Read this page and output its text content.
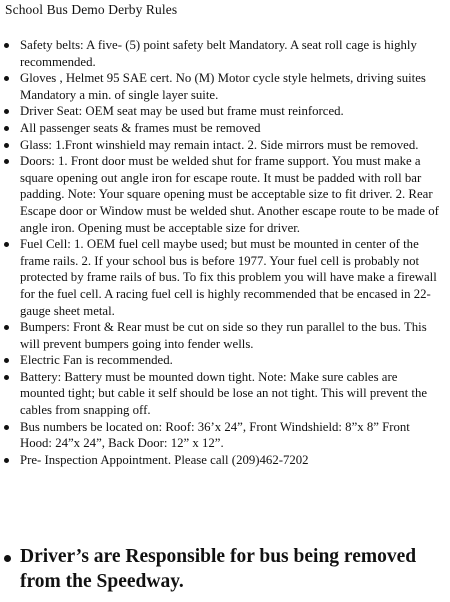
School Bus Demo Derby Rules
Safety belts: A five- (5) point safety belt Mandatory. A seat roll cage is highly recommended.
Gloves , Helmet 95 SAE cert. No (M) Motor cycle style helmets, driving suites Mandatory a min. of single layer suite.
Driver Seat: OEM seat may be used but frame must reinforced.
All passenger seats & frames must be removed
Glass: 1.Front winshield may remain intact. 2. Side mirrors must be removed.
Doors: 1. Front door must be welded shut for frame support. You must make a square opening out angle iron for escape route. It must be padded with roll bar padding. Note: Your square opening must be acceptable size to fit driver. 2. Rear Escape door or Window must be welded shut. Another escape route to be made of angle iron. Opening must be acceptable size for driver.
Fuel Cell: 1. OEM fuel cell maybe used; but must be mounted in center of the frame rails. 2. If your school bus is before 1977. Your fuel cell is probably not protected by frame rails of bus. To fix this problem you will have make a firewall for the fuel cell. A racing fuel cell is highly recommended that be encased in 22-gauge sheet metal.
Bumpers: Front & Rear must be cut on side so they run parallel to the bus. This will prevent bumpers going into fender wells.
Electric Fan is recommended.
Battery: Battery must be mounted down tight. Note: Make sure cables are mounted tight; but cable it self should be lose an not tight. This will prevent the cables from snapping off.
Bus numbers be located on: Roof: 36’x 24”, Front Windshield: 8”x 8” Front Hood: 24”x 24”, Back Door: 12” x 12”.
Pre- Inspection Appointment. Please call (209)462-7202
Driver’s are Responsible for bus being removed from the Speedway.
